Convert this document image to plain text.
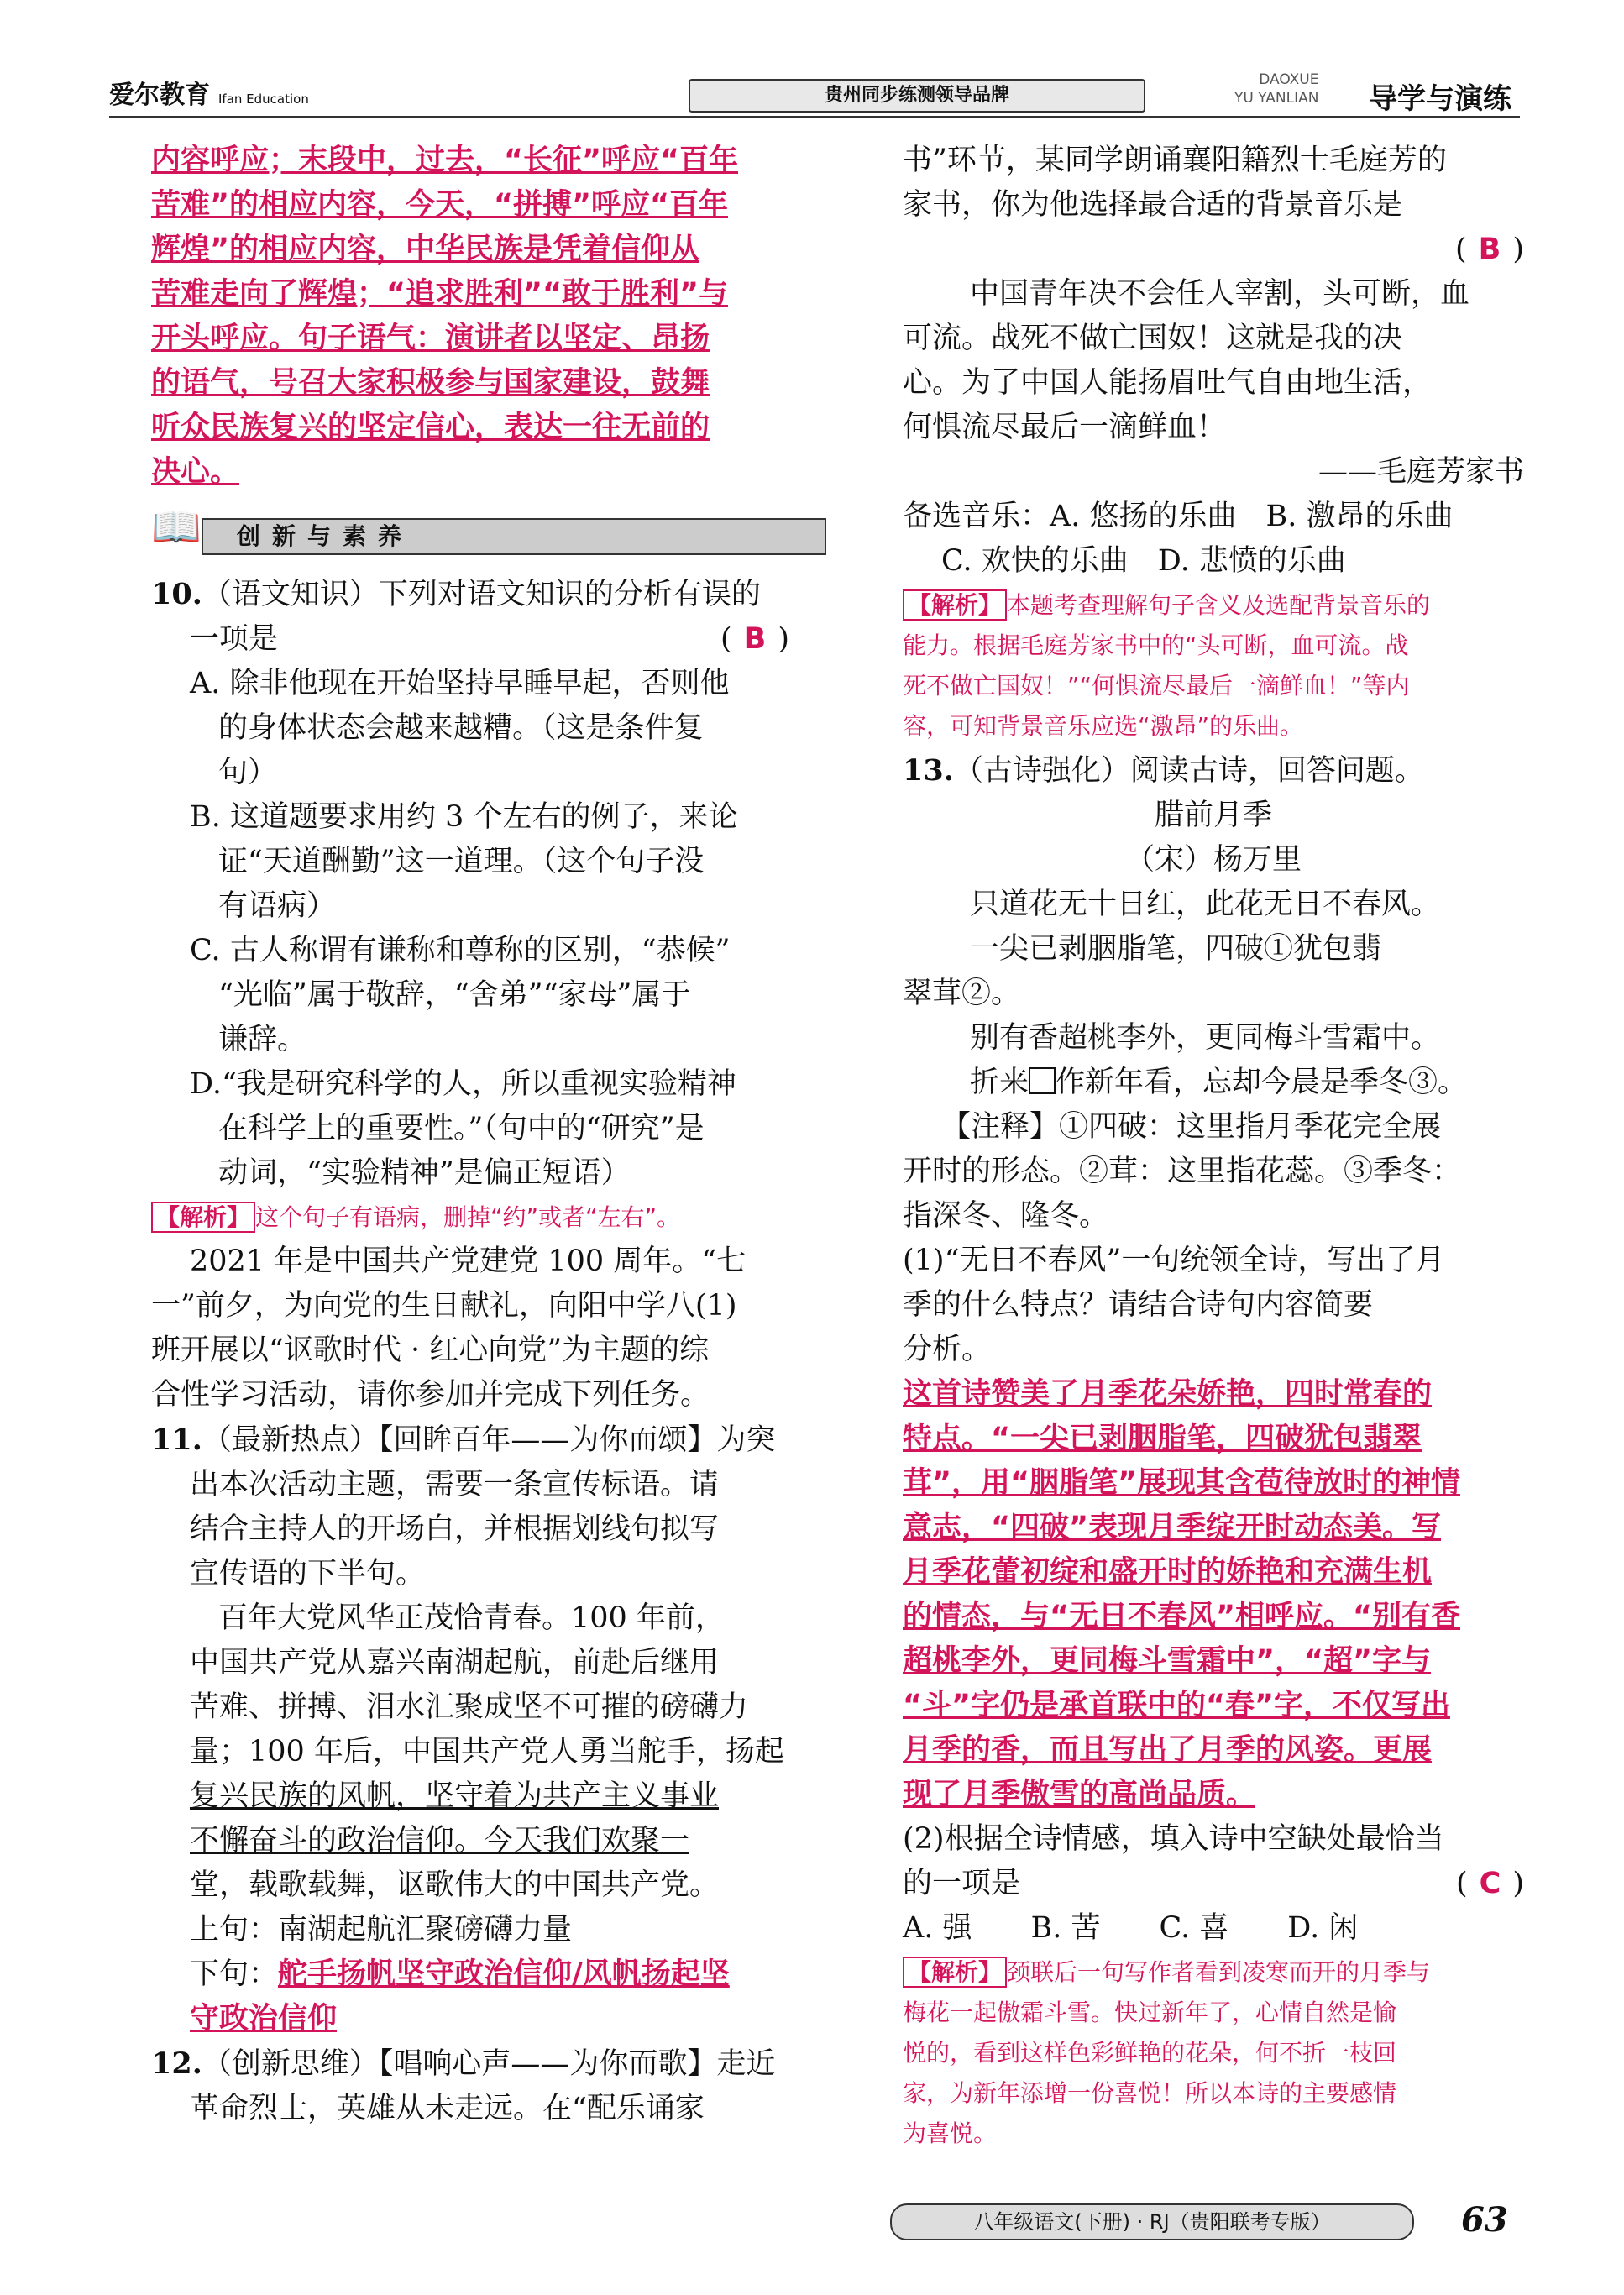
爱尔教育 Ifan Education	贵州同步练测领导品牌
DAOXUE
YU YANLIAN 导学与演练

内容呼应；末段中，过去，“长征”呼应“百年

苦难”的相应内容，今天，“拼搏”呼应“百年

辉煌”的相应内容，中华民族是凭着信仰从

苦难走向了辉煌；“追求胜利”“敢于胜利”与

开头呼应。句子语气：演讲者以坚定、昂扬

的语气，号召大家积极参与国家建设，鼓舞

听众民族复兴的坚定信心，表达一往无前的

决心。

📖	创新与素养

10.（语文知识）下列对语文知识的分析有误的

一项是	( B )

A. 除非他现在开始坚持早睡早起，否则他

的身体状态会越来越糟。（这是条件复

句）

B. 这道题要求用约 3 个左右的例子，来论

证“天道酬勤”这一道理。（这个句子没

有语病）

C. 古人称谓有谦称和尊称的区别，“恭候”

“光临”属于敬辞，“舍弟”“家母”属于

谦辞。

D.“我是研究科学的人，所以重视实验精神

在科学上的重要性。”（句中的“研究”是

动词，“实验精神”是偏正短语）

【解析】 这个句子有语病，删掉“约”或者“左右”。

2021 年是中国共产党建党 100 周年。“七

一”前夕，为向党的生日献礼，向阳中学八(1)

班开展以“讴歌时代 · 红心向党”为主题的综

合性学习活动，请你参加并完成下列任务。

11.（最新热点）【回眸百年——为你而颂】为突

出本次活动主题，需要一条宣传标语。请

结合主持人的开场白，并根据划线句拟写

宣传语的下半句。

百年大党风华正茂恰青春。100 年前，

中国共产党从嘉兴南湖起航，前赴后继用

苦难、拼搏、泪水汇聚成坚不可摧的磅礴力

量；100 年后，中国共产党人勇当舵手，扬起

复兴民族的风帆，坚守着为共产主义事业

不懈奋斗的政治信仰。今天我们欢聚一

堂，载歌载舞，讴歌伟大的中国共产党。

上句：南湖起航汇聚磅礴力量

下句：舵手扬帆坚守政治信仰/风帆扬起坚

守政治信仰

12.（创新思维）【唱响心声——为你而歌】走近

革命烈士，英雄从未走远。在“配乐诵家

书”环节，某同学朗诵襄阳籍烈士毛庭芳的

家书，你为他选择最合适的背景音乐是

( B )

中国青年决不会任人宰割，头可断，血

可流。战死不做亡国奴！这就是我的决

心。为了中国人能扬眉吐气自由地生活，

何惧流尽最后一滴鲜血！

——毛庭芳家书

备选音乐：A. 悠扬的乐曲　B. 激昂的乐曲

C. 欢快的乐曲　D. 悲愤的乐曲

【解析】 本题考查理解句子含义及选配背景音乐的

能力。根据毛庭芳家书中的“头可断，血可流。战

死不做亡国奴！”“何惧流尽最后一滴鲜血！”等内

容，可知背景音乐应选“激昂”的乐曲。

13.（古诗强化）阅读古诗，回答问题。

腊前月季

（宋）杨万里

只道花无十日红，此花无日不春风。

一尖已剥胭脂笔，四破①犹包翡

翠茸②。

别有香超桃李外，更同梅斗雪霜中。

折来 作新年看，忘却今晨是季冬③。

【注释】①四破：这里指月季花完全展

开时的形态。②茸：这里指花蕊。③季冬：

指深冬、隆冬。

(1)“无日不春风”一句统领全诗，写出了月

季的什么特点？请结合诗句内容简要

分析。

这首诗赞美了月季花朵娇艳，四时常春的

特点。“一尖已剥胭脂笔，四破犹包翡翠

茸”，用“胭脂笔”展现其含苞待放时的神情

意志，“四破”表现月季绽开时动态美。写

月季花蕾初绽和盛开时的娇艳和充满生机

的情态，与“无日不春风”相呼应。“别有香

超桃李外，更同梅斗雪霜中”，“超”字与

“斗”字仍是承首联中的“春”字，不仅写出

月季的香，而且写出了月季的风姿。更展

现了月季傲雪的高尚品质。

(2)根据全诗情感，填入诗中空缺处最恰当

的一项是	( C )

A. 强　　B. 苦　　C. 喜　　D. 闲

【解析】 颈联后一句写作者看到凌寒而开的月季与

梅花一起傲霜斗雪。快过新年了，心情自然是愉

悦的，看到这样色彩鲜艳的花朵，何不折一枝回

家，为新年添增一份喜悦！所以本诗的主要感情

为喜悦。

八年级语文(下册) · RJ（贵阳联考专版）	63
